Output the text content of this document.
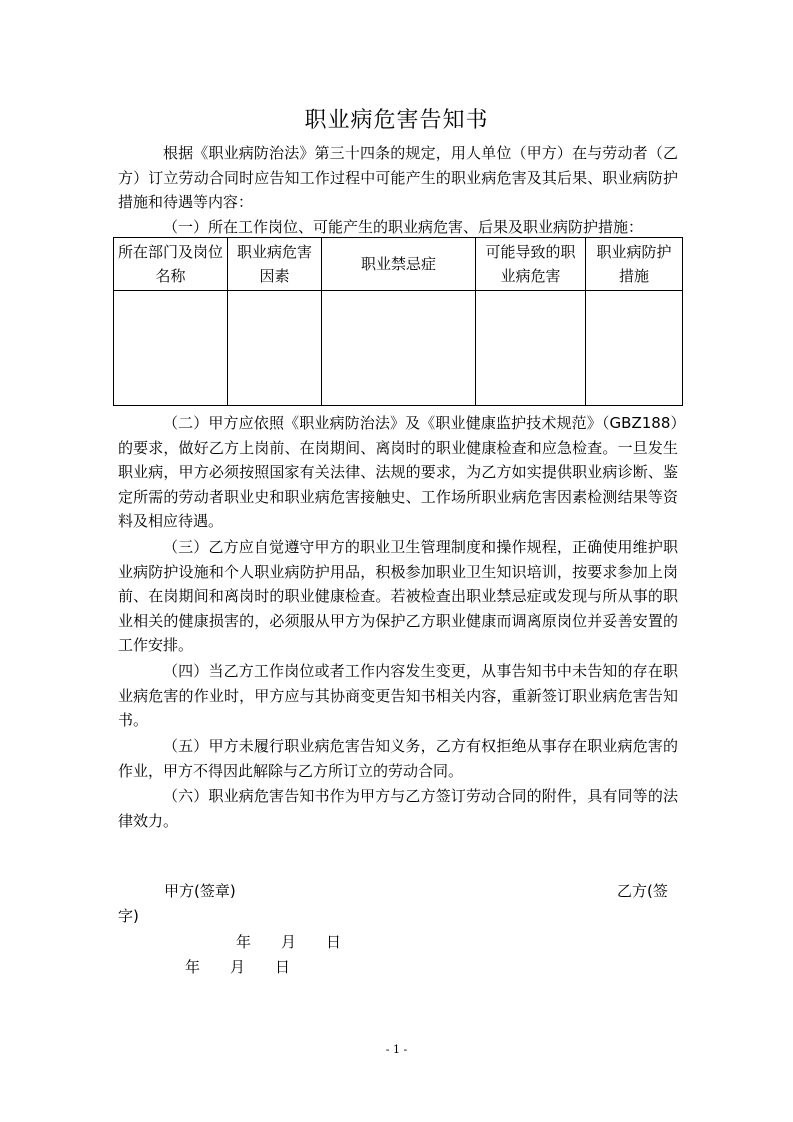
职业病危害告知书

根据《职业病防治法》第三十四条的规定，用人单位（甲方）在与劳动者（乙方）订立劳动合同时应告知工作过程中可能产生的职业病危害及其后果、职业病防护措施和待遇等内容：

（一）所在工作岗位、可能产生的职业病危害、后果及职业病防护措施：

所在部门及岗位名称	职业病危害因素	职业禁忌症	可能导致的职业病危害	职业病防护措施

（二）甲方应依照《职业病防治法》及《职业健康监护技术规范》（GBZ188）的要求，做好乙方上岗前、在岗期间、离岗时的职业健康检查和应急检查。一旦发生职业病，甲方必须按照国家有关法律、法规的要求，为乙方如实提供职业病诊断、鉴定所需的劳动者职业史和职业病危害接触史、工作场所职业病危害因素检测结果等资料及相应待遇。

（三）乙方应自觉遵守甲方的职业卫生管理制度和操作规程，正确使用维护职业病防护设施和个人职业病防护用品，积极参加职业卫生知识培训，按要求参加上岗前、在岗期间和离岗时的职业健康检查。若被检查出职业禁忌症或发现与所从事的职业相关的健康损害的，必须服从甲方为保护乙方职业健康而调离原岗位并妥善安置的工作安排。

（四）当乙方工作岗位或者工作内容发生变更，从事告知书中未告知的存在职业病危害的作业时，甲方应与其协商变更告知书相关内容，重新签订职业病危害告知书。

（五）甲方未履行职业病危害告知义务，乙方有权拒绝从事存在职业病危害的作业，甲方不得因此解除与乙方所订立的劳动合同。

（六）职业病危害告知书作为甲方与乙方签订劳动合同的附件，具有同等的法律效力。

甲方(签章)	乙方(签
字)
年　　月　　日
年　　月　　日
- 1 -
